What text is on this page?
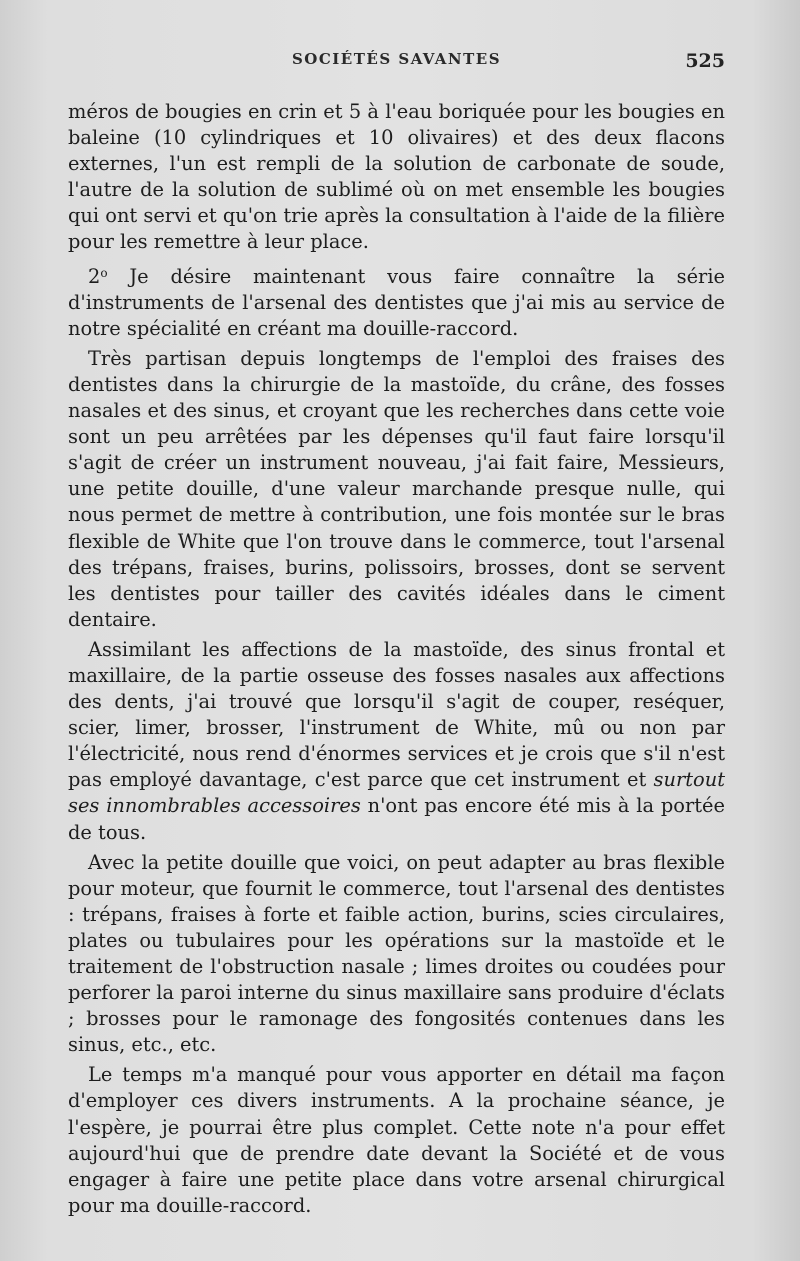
SOCIÉTÉS SAVANTES	525

méros de bougies en crin et 5 à l'eau boriquée pour les bougies en baleine (10 cylindriques et 10 olivaires) et des deux flacons externes, l'un est rempli de la solution de carbonate de soude, l'autre de la solution de sublimé où on met ensemble les bougies qui ont servi et qu'on trie après la consultation à l'aide de la filière pour les remettre à leur place.

2$^o$ Je désire maintenant vous faire connaître la série d'instruments de l'arsenal des dentistes que j'ai mis au service de notre spécialité en créant ma douille-raccord.

Très partisan depuis longtemps de l'emploi des fraises des dentistes dans la chirurgie de la mastoïde, du crâne, des fosses nasales et des sinus, et croyant que les recherches dans cette voie sont un peu arrêtées par les dépenses qu'il faut faire lorsqu'il s'agit de créer un instrument nouveau, j'ai fait faire, Messieurs, une petite douille, d'une valeur marchande presque nulle, qui nous permet de mettre à contribution, une fois montée sur le bras flexible de White que l'on trouve dans le commerce, tout l'arsenal des trépans, fraises, burins, polissoirs, brosses, dont se servent les dentistes pour tailler des cavités idéales dans le ciment dentaire.

Assimilant les affections de la mastoïde, des sinus frontal et maxillaire, de la partie osseuse des fosses nasales aux affections des dents, j'ai trouvé que lorsqu'il s'agit de couper, reséquer, scier, limer, brosser, l'instrument de White, mû ou non par l'électricité, nous rend d'énormes services et je crois que s'il n'est pas employé davantage, c'est parce que cet instrument et surtout ses innombrables accessoires n'ont pas encore été mis à la portée de tous.

Avec la petite douille que voici, on peut adapter au bras flexible pour moteur, que fournit le commerce, tout l'arsenal des dentistes : trépans, fraises à forte et faible action, burins, scies circulaires, plates ou tubulaires pour les opérations sur la mastoïde et le traitement de l'obstruction nasale ; limes droites ou coudées pour perforer la paroi interne du sinus maxillaire sans produire d'éclats ; brosses pour le ramonage des fongosités contenues dans les sinus, etc., etc.

Le temps m'a manqué pour vous apporter en détail ma façon d'employer ces divers instruments. A la prochaine séance, je l'espère, je pourrai être plus complet. Cette note n'a pour effet aujourd'hui que de prendre date devant la Société et de vous engager à faire une petite place dans votre arsenal chirurgical pour ma douille-raccord.
